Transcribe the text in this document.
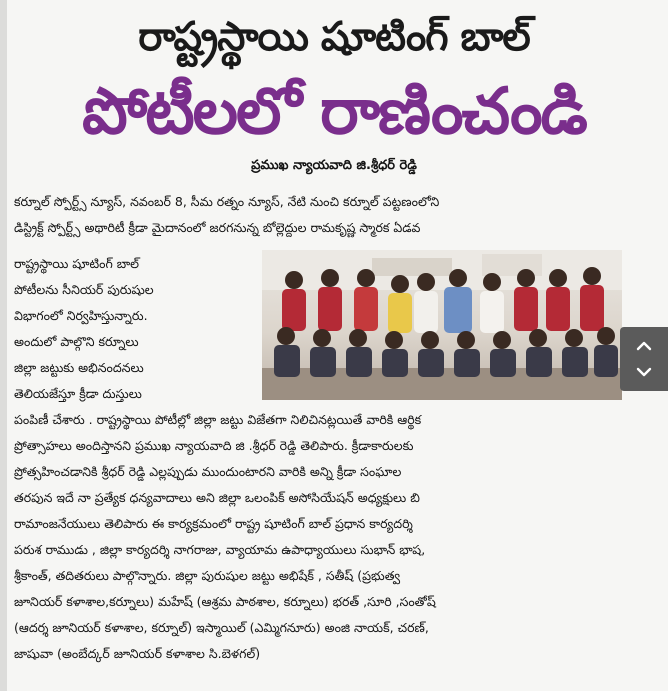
రాష్ట్రస్థాయి షూటింగ్ బాల్
పోటీలలో రాణించండి
ప్రముఖ న్యాయవాది జి.శ్రీధర్ రెడ్డి
కర్నూల్ స్పోర్ట్స్ న్యూస్, నవంబర్ 8, సీమ రత్నం న్యూస్, నేటి నుంచి కర్నూల్ పట్టణంలోని
డిస్ట్రిక్ట్ స్పోర్ట్స్ అథారిటీ క్రీడా మైదానంలో జరగనున్న బోల్లెద్దుల రామకృష్ణ స్మారక ఏడవ
రాష్ట్రస్థాయి షూటింగ్ బాల్
పోటీలను సీనియర్ పురుషుల
విభాగంలో నిర్వహిస్తున్నారు.
అందులో పాల్గొని కర్నూలు
జిల్లా జట్టుకు అభినందనలు
తెలియజేస్తూ క్రీడా దుస్తులు
పంపిణీ చేశారు . రాష్ట్రస్థాయి పోటీల్లో జిల్లా జట్టు విజేతగా నిలిచినట్లయితే వారికి ఆర్థిక
ప్రోత్సాహలు అందిస్తానని ప్రముఖ న్యాయవాది జి .శ్రీధర్ రెడ్డి తెలిపారు. క్రీడాకారులకు
ప్రోత్సహించడానికి శ్రీధర్ రెడ్డి ఎల్లప్పుడు ముందుంటారని వారికి అన్ని క్రీడా సంఘాల
తరపున ఇదే నా ప్రత్యేక ధన్యవాదాలు అని జిల్లా ఒలంపిక్ అసోసియేషన్ అధ్యక్షులు బి
రామాంజనేయులు తెలిపారు ఈ కార్యక్రమంలో రాష్ట్ర షూటింగ్ బాల్ ప్రధాన కార్యదర్శి
పరుశ రాముడు , జిల్లా కార్యదర్శి నాగరాజు, వ్యాయామ ఉపాధ్యాయులు సుభాన్ భాష,
శ్రీకాంత్, తదితరులు పాల్గొన్నారు. జిల్లా పురుషుల జట్టు అభిషేక్ , సతీష్ (ప్రభుత్వ
జూనియర్ కళాశాల,కర్నూలు) మహేష్ (ఆశ్రమ పాఠశాల, కర్నూలు) భరత్ ,సూరి ,సంతోష్
(ఆదర్శ జూనియర్ కళాశాల, కర్నూల్) ఇస్మాయిల్ (ఎమ్మిగనూరు) అంజి నాయక్, చరణ్,
జాషువా (అంబేద్కర్ జూనియర్ కళాశాల సి.బెళగల్)
